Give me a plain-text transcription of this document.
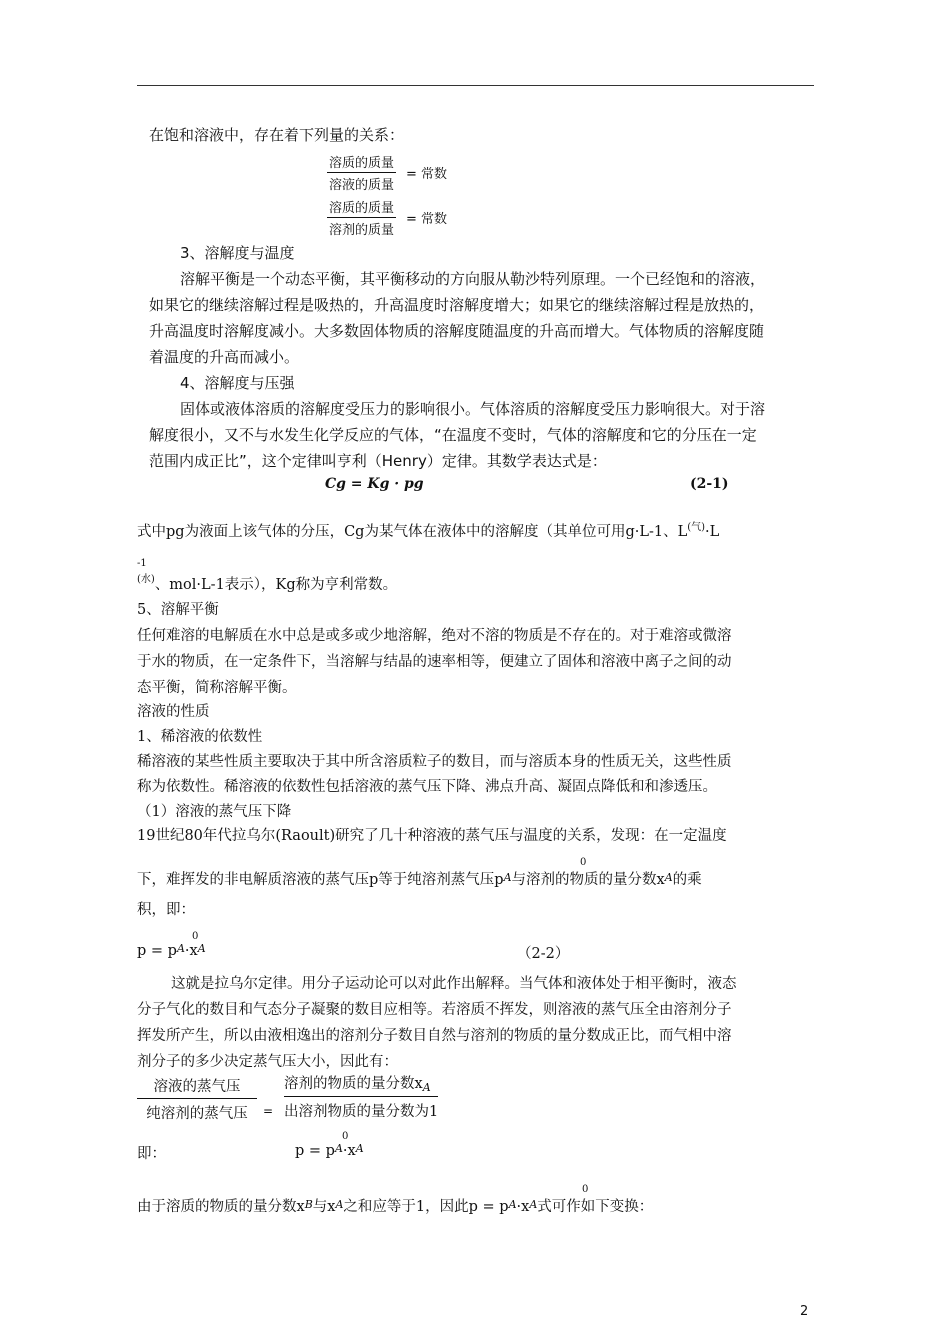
在饱和溶液中，存在着下列量的关系：
$\frac{\text{溶质的质量}}{\text{溶液的质量}}$ = 常数
$\frac{\text{溶质的质量}}{\text{溶剂的质量}}$ = 常数
3、溶解度与温度
溶解平衡是一个动态平衡，其平衡移动的方向服从勒沙特列原理。一个已经饱和的溶液，
如果它的继续溶解过程是吸热的，升高温度时溶解度增大；如果它的继续溶解过程是放热的，
升高温度时溶解度减小。大多数固体物质的溶解度随温度的升高而增大。气体物质的溶解度随
着温度的升高而减小。
4、溶解度与压强
固体或液体溶质的溶解度受压力的影响很小。气体溶质的溶解度受压力影响很大。对于溶
解度很小，又不与水发生化学反应的气体，“在温度不变时，气体的溶解度和它的分压在一定
范围内成正比”，这个定律叫亨利（Henry）定律。其数学表达式是：
Cg = Kg · pg	(2-1)
式中pg为液面上该气体的分压，Cg为某气体在液体中的溶解度（其单位可用g·L-1、$L^{(气)}\cdot L$
-1
$^{(水)}$、mol·L-1表示），Kg称为亨利常数。
5、溶解平衡
任何难溶的电解质在水中总是或多或少地溶解，绝对不溶的物质是不存在的。对于难溶或微溶
于水的物质，在一定条件下，当溶解与结晶的速率相等，便建立了固体和溶液中离子之间的动
态平衡，简称溶解平衡。
溶液的性质
1、稀溶液的依数性
稀溶液的某些性质主要取决于其中所含溶质粒子的数目，而与溶质本身的性质无关，这些性质
称为依数性。稀溶液的依数性包括溶液的蒸气压下降、沸点升高、凝固点降低和和渗透压。
（1）溶液的蒸气压下降
19世纪80年代拉乌尔(Raoult)研究了几十种溶液的蒸气压与温度的关系，发现：在一定温度
0
下，难挥发的非电解质溶液的蒸气压p等于纯溶剂蒸气压$p^A$与溶剂的物质的量分数$x^A$的乘
积，即：
0
$p = p^A\cdot x^A$	（2-2）
这就是拉乌尔定律。用分子运动论可以对此作出解释。当气体和液体处于相平衡时，液态
分子气化的数目和气态分子凝聚的数目应相等。若溶质不挥发，则溶液的蒸气压全由溶剂分子
挥发所产生，所以由液相逸出的溶剂分子数目自然与溶剂的物质的量分数成正比，而气相中溶
剂分子的多少决定蒸气压大小，因此有：
溶液的蒸气压
纯溶剂的蒸气压	=
溶剂的物质的量分数$x_A$
出溶剂物质的量分数为1
即：
0
$p = p^A\cdot x^A$
0
由于溶质的物质的量分数$x^B$与$x^A$之和应等于1，因此$p = p^A\cdot x^A$式可作如下变换：
2
